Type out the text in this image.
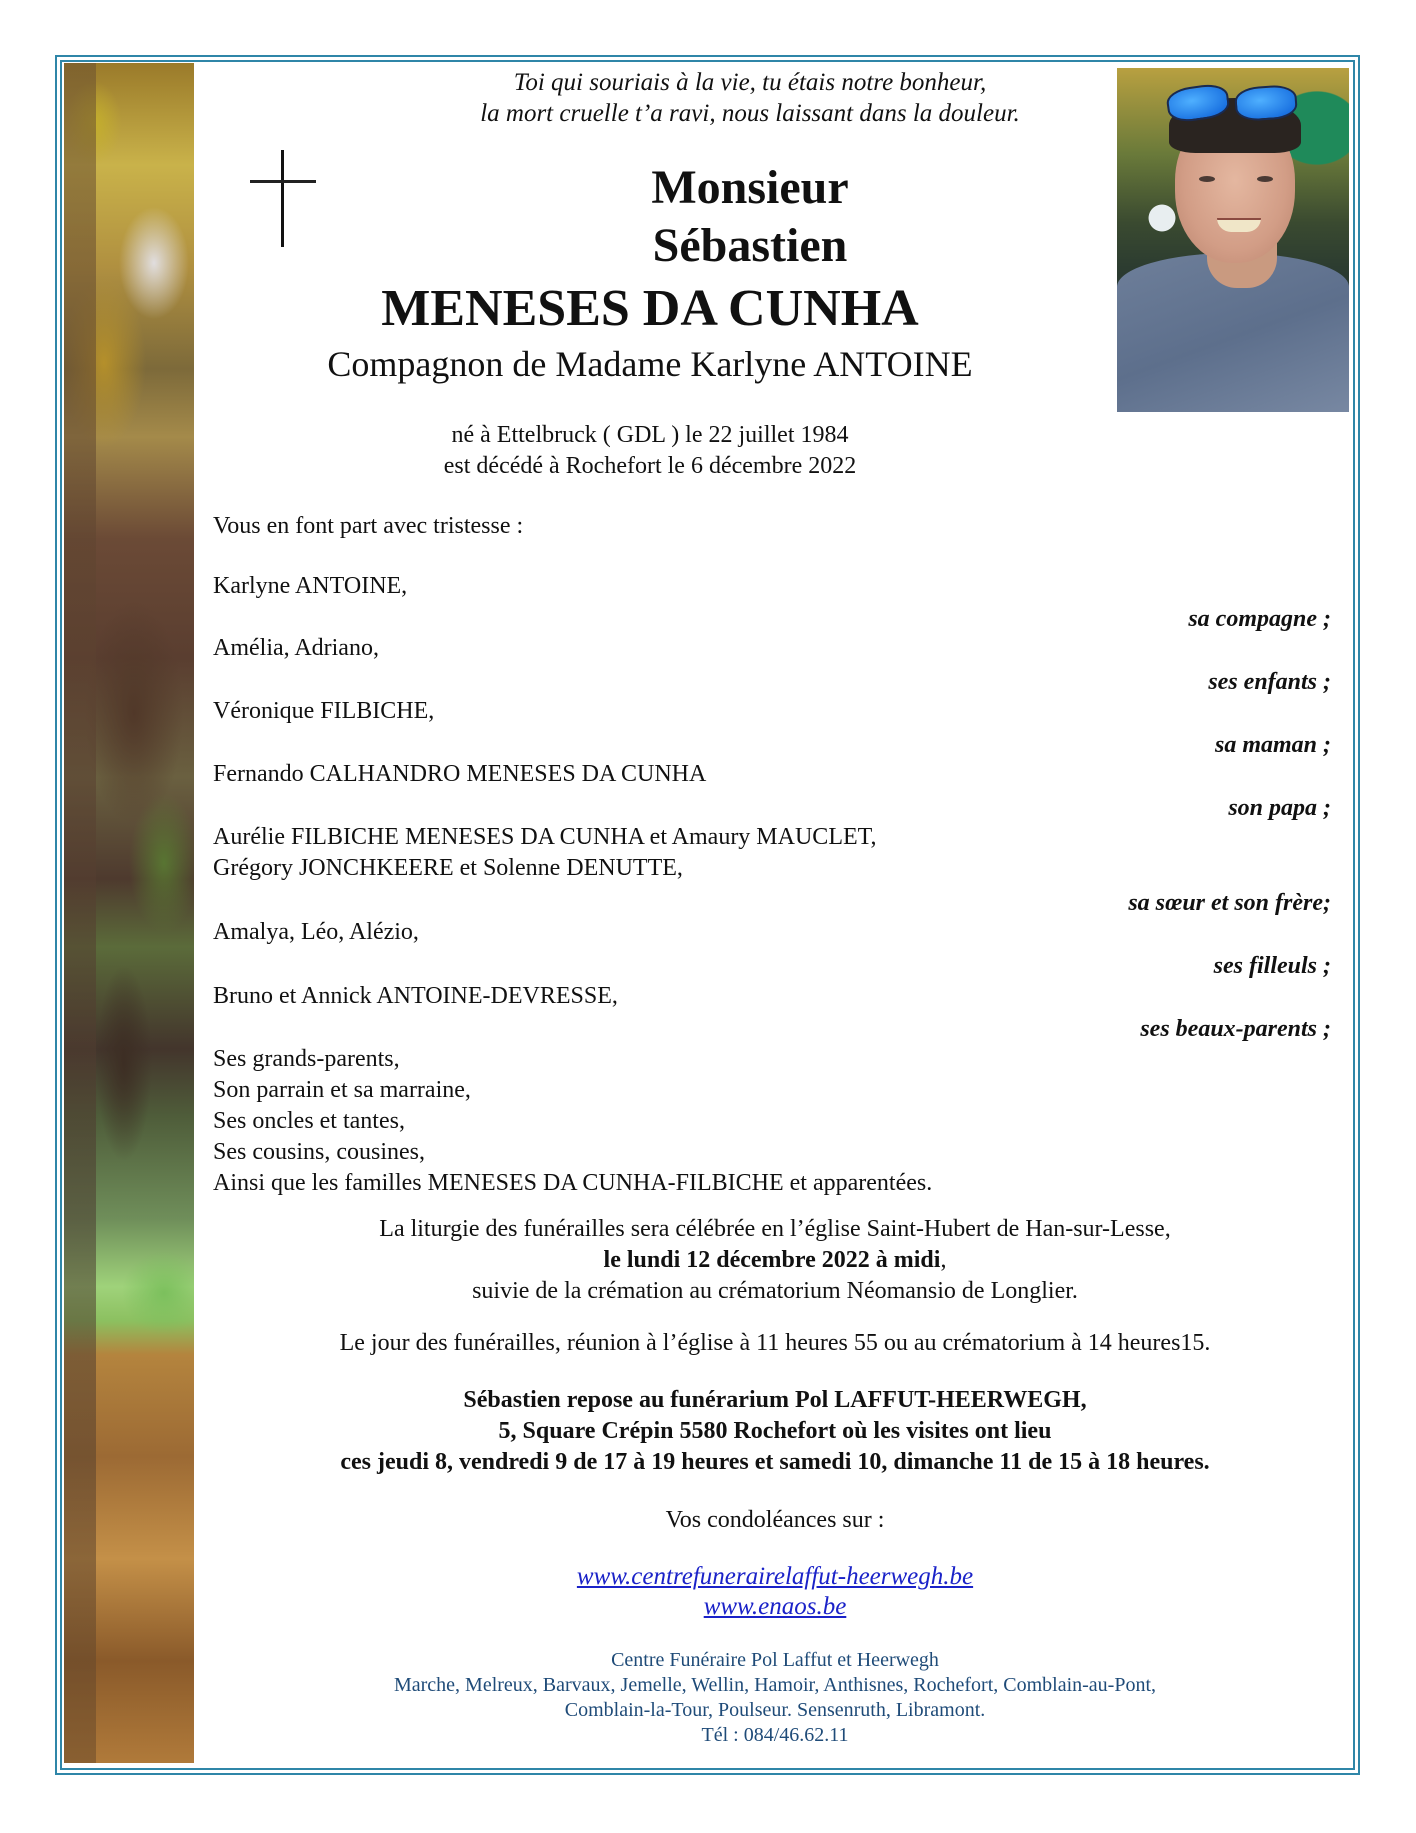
Toi qui souriais à la vie, tu étais notre bonheur,

la mort cruelle t’a ravi, nous laissant dans la douleur.

Monsieur
Sébastien
MENESES DA CUNHA
Compagnon de Madame Karlyne ANTOINE

né à Ettelbruck ( GDL ) le 22 juillet 1984

est décédé à Rochefort le 6 décembre 2022

Vous en font part avec tristesse :
Karlyne ANTOINE,
sa compagne ;
Amélia, Adriano,
ses enfants ;
Véronique FILBICHE,
sa maman ;
Fernando CALHANDRO MENESES DA CUNHA
son papa ;
Aurélie FILBICHE MENESES DA CUNHA et Amaury MAUCLET,
Grégory JONCHKEERE et Solenne DENUTTE,
sa sœur et son frère;
Amalya, Léo, Alézio,
ses filleuls ;
Bruno et Annick ANTOINE-DEVRESSE,
ses beaux-parents ;
Ses grands-parents,
Son parrain et sa marraine,
Ses oncles et tantes,
Ses cousins, cousines,
Ainsi que les familles MENESES DA CUNHA-FILBICHE et apparentées.

La liturgie des funérailles sera célébrée en l’église Saint-Hubert de Han-sur-Lesse,

le lundi 12 décembre 2022 à midi,

suivie de la crémation au crématorium Néomansio de Longlier.

Le jour des funérailles, réunion à l’église à 11 heures 55 ou au crématorium à 14 heures15.

Sébastien repose au funérarium Pol LAFFUT-HEERWEGH,

5, Square Crépin 5580 Rochefort où les visites ont lieu

ces jeudi 8, vendredi 9 de 17 à 19 heures et samedi 10, dimanche 11 de 15 à 18 heures.

Vos condoléances sur :
www.centrefunerairelaffut-heerwegh.be
www.enaos.be

Centre Funéraire Pol Laffut et Heerwegh

Marche, Melreux, Barvaux, Jemelle, Wellin, Hamoir, Anthisnes, Rochefort, Comblain-au-Pont,

Comblain-la-Tour, Poulseur. Sensenruth, Libramont.

Tél : 084/46.62.11
